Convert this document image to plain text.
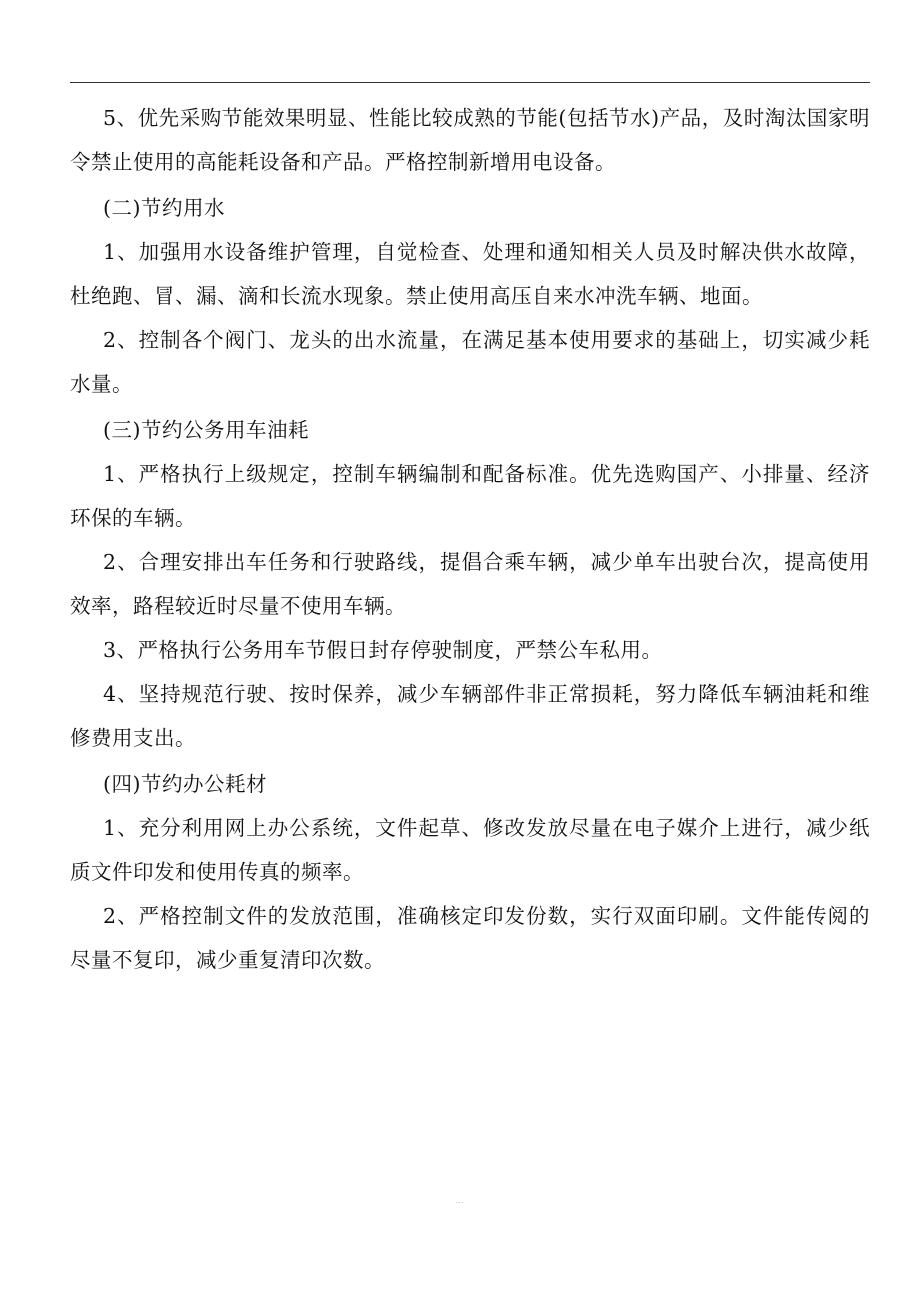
5、优先采购节能效果明显、性能比较成熟的节能(包括节水)产品，及时淘汰国家明令禁止使用的高能耗设备和产品。严格控制新增用电设备。

(二)节约用水

1、加强用水设备维护管理，自觉检查、处理和通知相关人员及时解决供水故障，杜绝跑、冒、漏、滴和长流水现象。禁止使用高压自来水冲洗车辆、地面。

2、控制各个阀门、龙头的出水流量，在满足基本使用要求的基础上，切实减少耗水量。

(三)节约公务用车油耗

1、严格执行上级规定，控制车辆编制和配备标准。优先选购国产、小排量、经济环保的车辆。

2、合理安排出车任务和行驶路线，提倡合乘车辆，减少单车出驶台次，提高使用效率，路程较近时尽量不使用车辆。

3、严格执行公务用车节假日封存停驶制度，严禁公车私用。

4、坚持规范行驶、按时保养，减少车辆部件非正常损耗，努力降低车辆油耗和维修费用支出。

(四)节约办公耗材

1、充分利用网上办公系统，文件起草、修改发放尽量在电子媒介上进行，减少纸质文件印发和使用传真的频率。

2、严格控制文件的发放范围，准确核定印发份数，实行双面印刷。文件能传阅的尽量不复印，减少重复清印次数。

⋯
